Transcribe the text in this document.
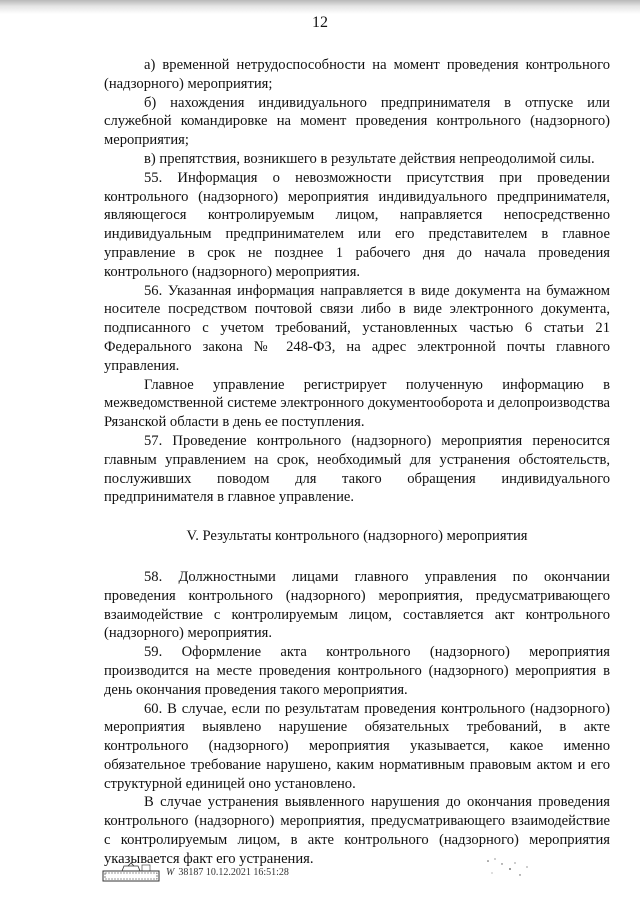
12

а) временной нетрудоспособности на момент проведения контрольного (надзорного) мероприятия;

б) нахождения индивидуального предпринимателя в отпуске или служебной командировке на момент проведения контрольного (надзорного) мероприятия;

в) препятствия, возникшего в результате действия непреодолимой силы.

55. Информация о невозможности присутствия при проведении контрольного (надзорного) мероприятия индивидуального предпринимателя, являющегося контролируемым лицом, направляется непосредственно индивидуальным предпринимателем или его представителем в главное управление в срок не позднее 1 рабочего дня до начала проведения контрольного (надзорного) мероприятия.

56. Указанная информация направляется в виде документа на бумажном носителе посредством почтовой связи либо в виде электронного документа, подписанного с учетом требований, установленных частью 6 статьи 21 Федерального закона № 248-ФЗ, на адрес электронной почты главного управления.

Главное управление регистрирует полученную информацию в межведомственной системе электронного документооборота и делопроизводства Рязанской области в день ее поступления.

57. Проведение контрольного (надзорного) мероприятия переносится главным управлением на срок, необходимый для устранения обстоятельств, послуживших поводом для такого обращения индивидуального предпринимателя в главное управление.

V. Результаты контрольного (надзорного) мероприятия

58. Должностными лицами главного управления по окончании проведения контрольного (надзорного) мероприятия, предусматривающего взаимодействие с контролируемым лицом, составляется акт контрольного (надзорного) мероприятия.

59. Оформление акта контрольного (надзорного) мероприятия производится на месте проведения контрольного (надзорного) мероприятия в день окончания проведения такого мероприятия.

60. В случае, если по результатам проведения контрольного (надзорного) мероприятия выявлено нарушение обязательных требований, в акте контрольного (надзорного) мероприятия указывается, какое именно обязательное требование нарушено, каким нормативным правовым актом и его структурной единицей оно установлено.

В случае устранения выявленного нарушения до окончания проведения контрольного (надзорного) мероприятия, предусматривающего взаимодействие с контролируемым лицом, в акте контрольного (надзорного) мероприятия указывается факт его устранения.

W 38187 10.12.2021 16:51:28
